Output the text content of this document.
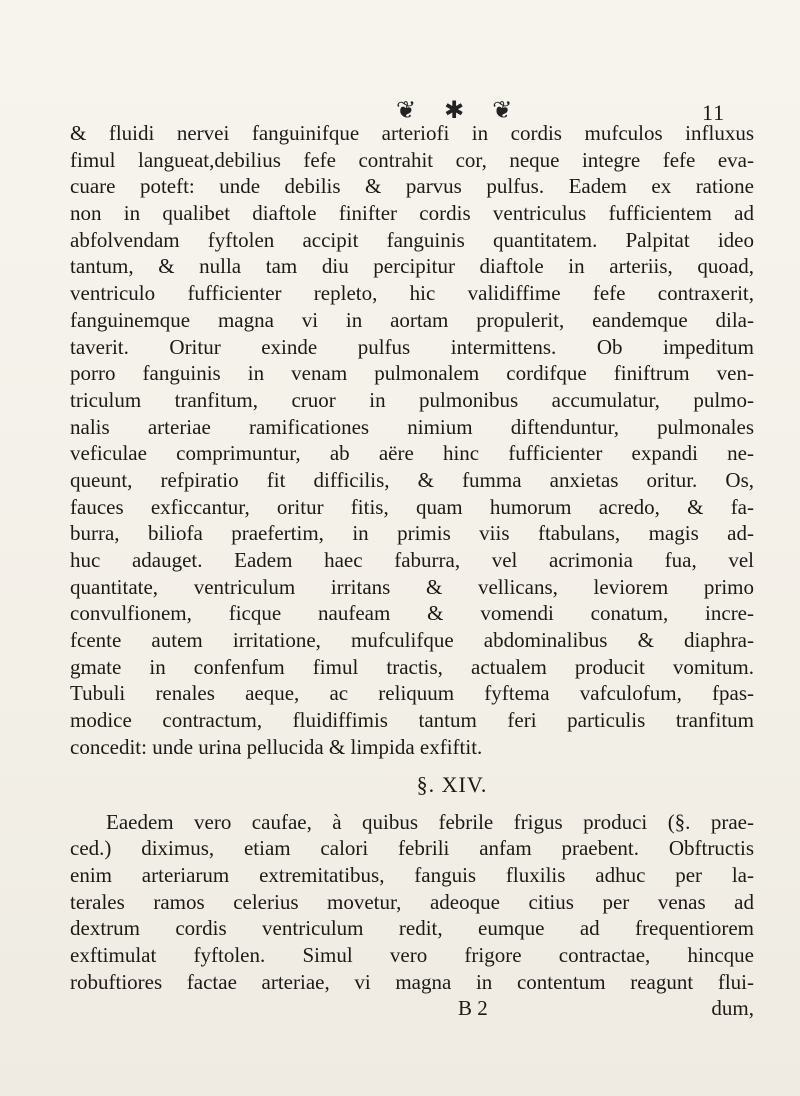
❦ ✱ ❦	11
& fluidi nervei fanguinifque arteriofi in cordis mufculos influxus
fimul langueat,debilius fefe contrahit cor, neque integre fefe eva-
cuare poteft: unde debilis & parvus pulfus. Eadem ex ratione
non in qualibet diaftole finifter cordis ventriculus fufficientem ad
abfolvendam fyftolen accipit fanguinis quantitatem. Palpitat ideo
tantum, & nulla tam diu percipitur diaftole in arteriis, quoad,
ventriculo fufficienter repleto, hic validiffime fefe contraxerit,
fanguinemque magna vi in aortam propulerit, eandemque dila-
taverit. Oritur exinde pulfus intermittens. Ob impeditum
porro fanguinis in venam pulmonalem cordifque finiftrum ven-
triculum tranfitum, cruor in pulmonibus accumulatur, pulmo-
nalis arteriae ramificationes nimium diftenduntur, pulmonales
veficulae comprimuntur, ab aëre hinc fufficienter expandi ne-
queunt, refpiratio fit difficilis, & fumma anxietas oritur. Os,
fauces exficcantur, oritur fitis, quam humorum acredo, & fa-
burra, biliofa praefertim, in primis viis ftabulans, magis ad-
huc adauget. Eadem haec faburra, vel acrimonia fua, vel
quantitate, ventriculum irritans & vellicans, leviorem primo
convulfionem, ficque naufeam & vomendi conatum, incre-
fcente autem irritatione, mufculifque abdominalibus & diaphra-
gmate in confenfum fimul tractis, actualem producit vomitum.
Tubuli renales aeque, ac reliquum fyftema vafculofum, fpas-
modice contractum, fluidiffimis tantum feri particulis tranfitum
concedit: unde urina pellucida & limpida exfiftit.
§. XIV.
Eaedem vero caufae, à quibus febrile frigus produci (§. prae-
ced.) diximus, etiam calori febrili anfam praebent. Obftructis
enim arteriarum extremitatibus, fanguis fluxilis adhuc per la-
terales ramos celerius movetur, adeoque citius per venas ad
dextrum cordis ventriculum redit, eumque ad frequentiorem
exftimulat fyftolen. Simul vero frigore contractae, hincque
robuftiores factae arteriae, vi magna in contentum reagunt flui-
B 2	dum,
